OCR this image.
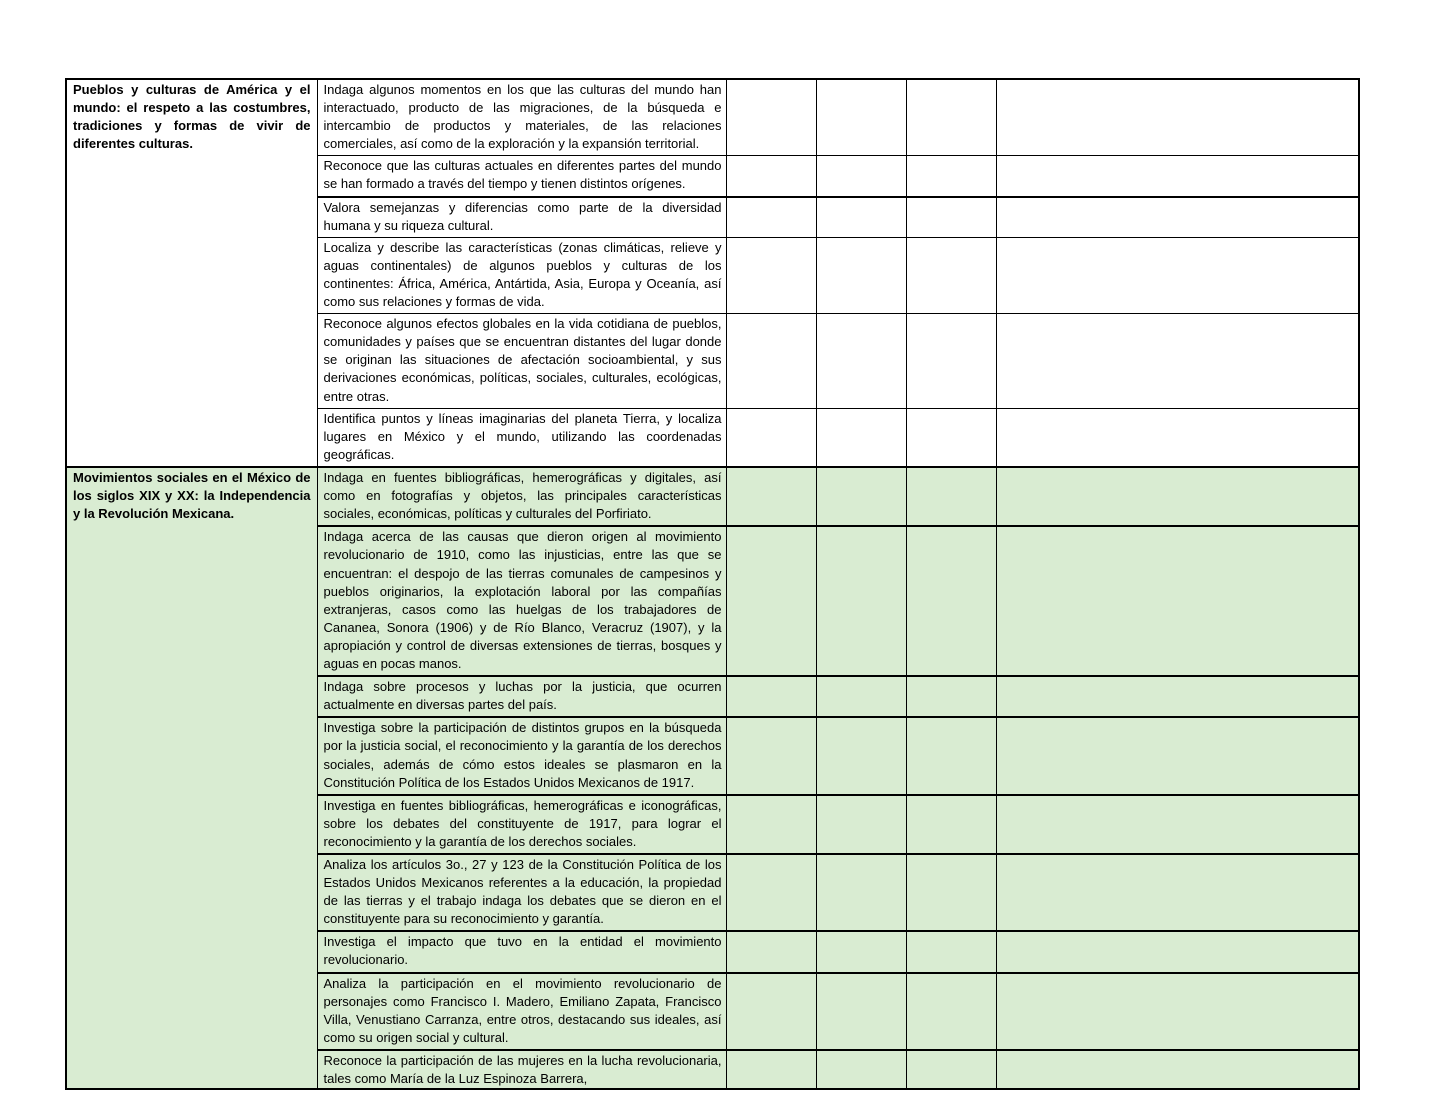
Pueblos y culturas de América y el mundo: el respeto a las costumbres, tradiciones y formas de vivir de diferentes culturas.	Indaga algunos momentos en los que las culturas del mundo han interactuado, producto de las migraciones, de la búsqueda e intercambio de productos y materiales, de las relaciones comerciales, así como de la exploración y la expansión territorial.				

	Reconoce que las culturas actuales en diferentes partes del mundo se han formado a través del tiempo y tienen distintos orígenes.				

	Valora semejanzas y diferencias como parte de la diversidad humana y su riqueza cultural.				

	Localiza y describe las características (zonas climáticas, relieve y aguas continentales) de algunos pueblos y culturas de los continentes: África, América, Antártida, Asia, Europa y Oceanía, así como sus relaciones y formas de vida.				

	Reconoce algunos efectos globales en la vida cotidiana de pueblos, comunidades y países que se encuentran distantes del lugar donde se originan las situaciones de afectación socioambiental, y sus derivaciones económicas, políticas, sociales, culturales, ecológicas, entre otras.				

	Identifica puntos y líneas imaginarias del planeta Tierra, y localiza lugares en México y el mundo, utilizando las coordenadas geográficas.				

Movimientos sociales en el México de los siglos XIX y XX: la Independencia y la Revolución Mexicana.	Indaga en fuentes bibliográficas, hemerográficas y digitales, así como en fotografías y objetos, las principales características sociales, económicas, políticas y culturales del Porfiriato.				

	Indaga acerca de las causas que dieron origen al movimiento revolucionario de 1910, como las injusticias, entre las que se encuentran: el despojo de las tierras comunales de campesinos y pueblos originarios, la explotación laboral por las compañías extranjeras, casos como las huelgas de los trabajadores de Cananea, Sonora (1906) y de Río Blanco, Veracruz (1907), y la apropiación y control de diversas extensiones de tierras, bosques y aguas en pocas manos.				

	Indaga sobre procesos y luchas por la justicia, que ocurren actualmente en diversas partes del país.				

	Investiga sobre la participación de distintos grupos en la búsqueda por la justicia social, el reconocimiento y la garantía de los derechos sociales, además de cómo estos ideales se plasmaron en la Constitución Política de los Estados Unidos Mexicanos de 1917.				

	Investiga en fuentes bibliográficas, hemerográficas e iconográficas, sobre los debates del constituyente de 1917, para lograr el reconocimiento y la garantía de los derechos sociales.				

	Analiza los artículos 3o., 27 y 123 de la Constitución Política de los Estados Unidos Mexicanos referentes a la educación, la propiedad de las tierras y el trabajo indaga los debates que se dieron en el constituyente para su reconocimiento y garantía.				

	Investiga el impacto que tuvo en la entidad el movimiento revolucionario.				

	Analiza la participación en el movimiento revolucionario de personajes como Francisco I. Madero, Emiliano Zapata, Francisco Villa, Venustiano Carranza, entre otros, destacando sus ideales, así como su origen social y cultural.				

	Reconoce la participación de las mujeres en la lucha revolucionaria, tales como María de la Luz Espinoza Barrera,				
